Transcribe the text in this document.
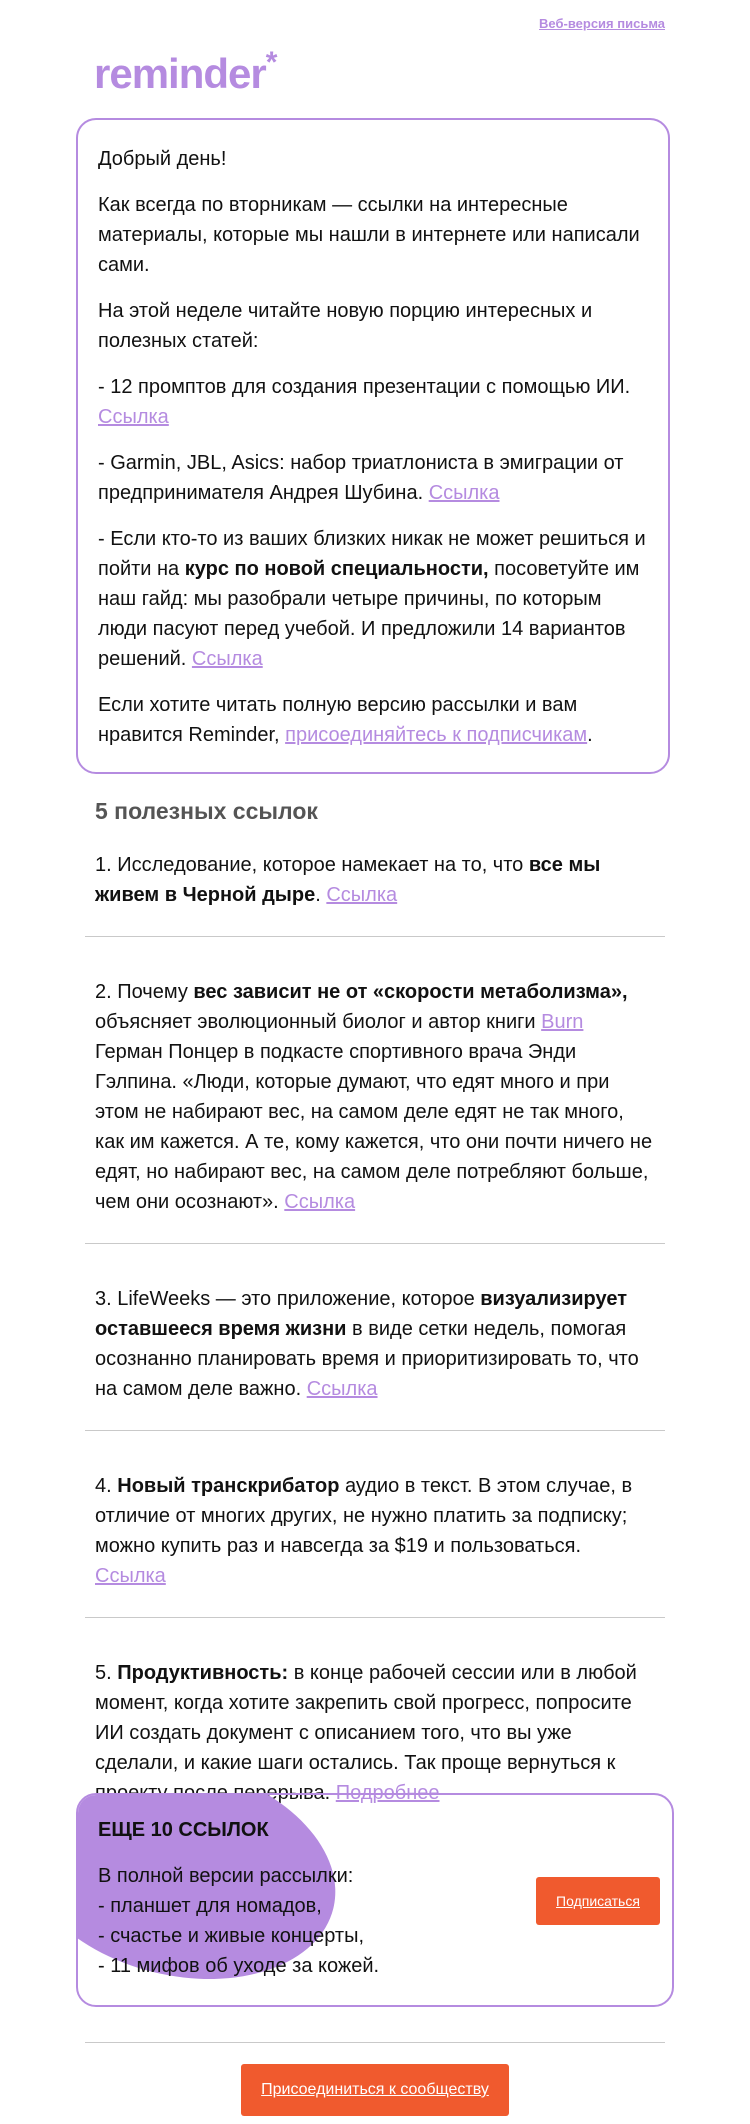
Веб-версия письма
reminder*

Добрый день!

Как всегда по вторникам — ссылки на интересные материалы, которые мы нашли в интернете или написали сами.

На этой неделе читайте новую порцию интересных и полезных статей:

- 12 промптов для создания презентации с помощью ИИ. Ссылка

- Garmin, JBL, Asics: набор триатлониста в эмиграции от предпринимателя Андрея Шубина. Ссылка

- Если кто-то из ваших близких никак не может решиться и пойти на курс по новой специальности, посоветуйте им наш гайд: мы разобрали четыре причины, по которым люди пасуют перед учебой. И предложили 14 вариантов решений. Ссылка

Если хотите читать полную версию рассылки и вам нравится Reminder, присоединяйтесь к подписчикам.

5 полезных ссылок
1. Исследование, которое намекает на то, что все мы живем в Черной дыре. Ссылка
2. Почему вес зависит не от «скорости метаболизма», объясняет эволюционный биолог и автор книги Burn Герман Понцер в подкасте спортивного врача Энди Гэлпина. «Люди, которые думают, что едят много и при этом не набирают вес, на самом деле едят не так много, как им кажется. А те, кому кажется, что они почти ничего не едят, но набирают вес, на самом деле потребляют больше, чем они осознают». Ссылка
3. LifeWeeks — это приложение, которое визуализирует оставшееся время жизни в виде сетки недель, помогая осознанно планировать время и приоритизировать то, что на самом деле важно. Ссылка
4. Новый транскрибатор аудио в текст. В этом случае, в отличие от многих других, не нужно платить за подписку; можно купить раз и навсегда за $19 и пользоваться. Ссылка
5. Продуктивность: в конце рабочей сессии или в любой момент, когда хотите закрепить свой прогресс, попросите ИИ создать документ с описанием того, что вы уже сделали, и какие шаги остались. Так проще вернуться к проекту после перерыва. Подробнее
ЕЩЕ 10 ССЫЛОК

В полной версии рассылки:

- планшет для номадов,

- счастье и живые концерты,

- 11 мифов об уходе за кожей.

Подписаться
Присоединиться к сообществу
